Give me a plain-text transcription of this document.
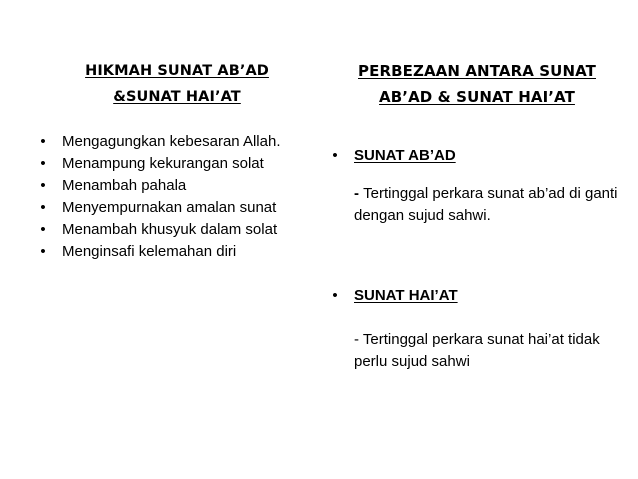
HIKMAH SUNAT AB’AD
&SUNAT HAI’AT
• Mengagungkan kebesaran Allah.
• Menampung kekurangan solat
• Menambah pahala
• Menyempurnakan amalan sunat
• Menambah khusyuk dalam solat
• Menginsafi kelemahan diri
PERBEZAAN ANTARA SUNAT
AB’AD & SUNAT HAI’AT
• SUNAT AB’AD
- Tertinggal perkara sunat ab’ad di ganti dengan sujud sahwi.
• SUNAT HAI’AT
- Tertinggal perkara sunat hai’at tidak perlu sujud sahwi
